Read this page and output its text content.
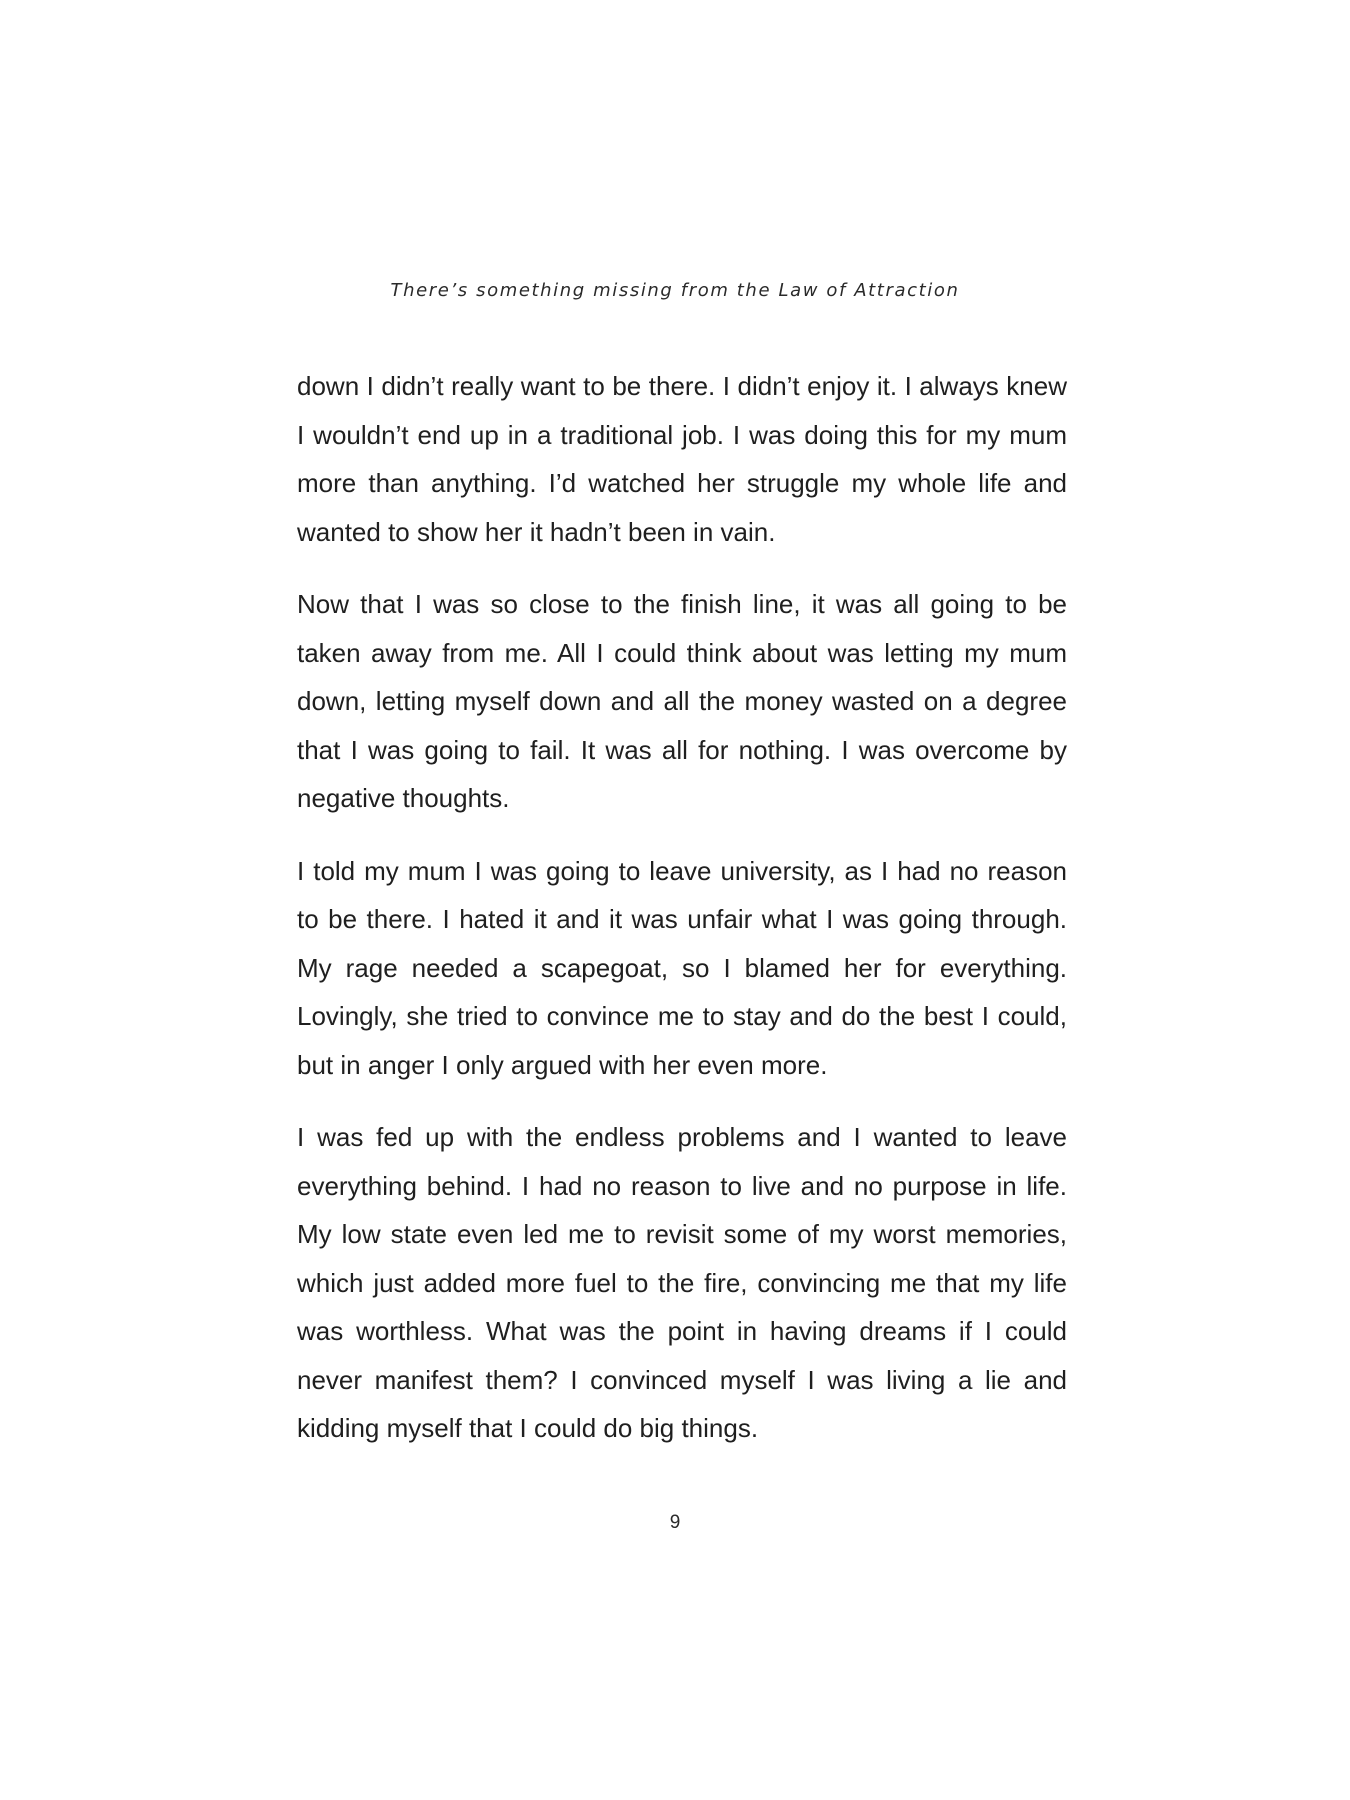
There’s something missing from the Law of Attraction

down I didn’t really want to be there. I didn’t enjoy it. I always knew I wouldn’t end up in a traditional job. I was doing this for my mum more than anything. I’d watched her struggle my whole life and wanted to show her it hadn’t been in vain.

Now that I was so close to the finish line, it was all going to be taken away from me. All I could think about was letting my mum down, letting myself down and all the money wasted on a degree that I was going to fail. It was all for nothing. I was overcome by negative thoughts.

I told my mum I was going to leave university, as I had no reason to be there. I hated it and it was unfair what I was going through. My rage needed a scapegoat, so I blamed her for everything. Lovingly, she tried to convince me to stay and do the best I could, but in anger I only argued with her even more.

I was fed up with the endless problems and I wanted to leave everything behind. I had no reason to live and no purpose in life. My low state even led me to revisit some of my worst memories, which just added more fuel to the fire, convincing me that my life was worthless. What was the point in having dreams if I could never manifest them? I convinced myself I was living a lie and kidding myself that I could do big things.

9
